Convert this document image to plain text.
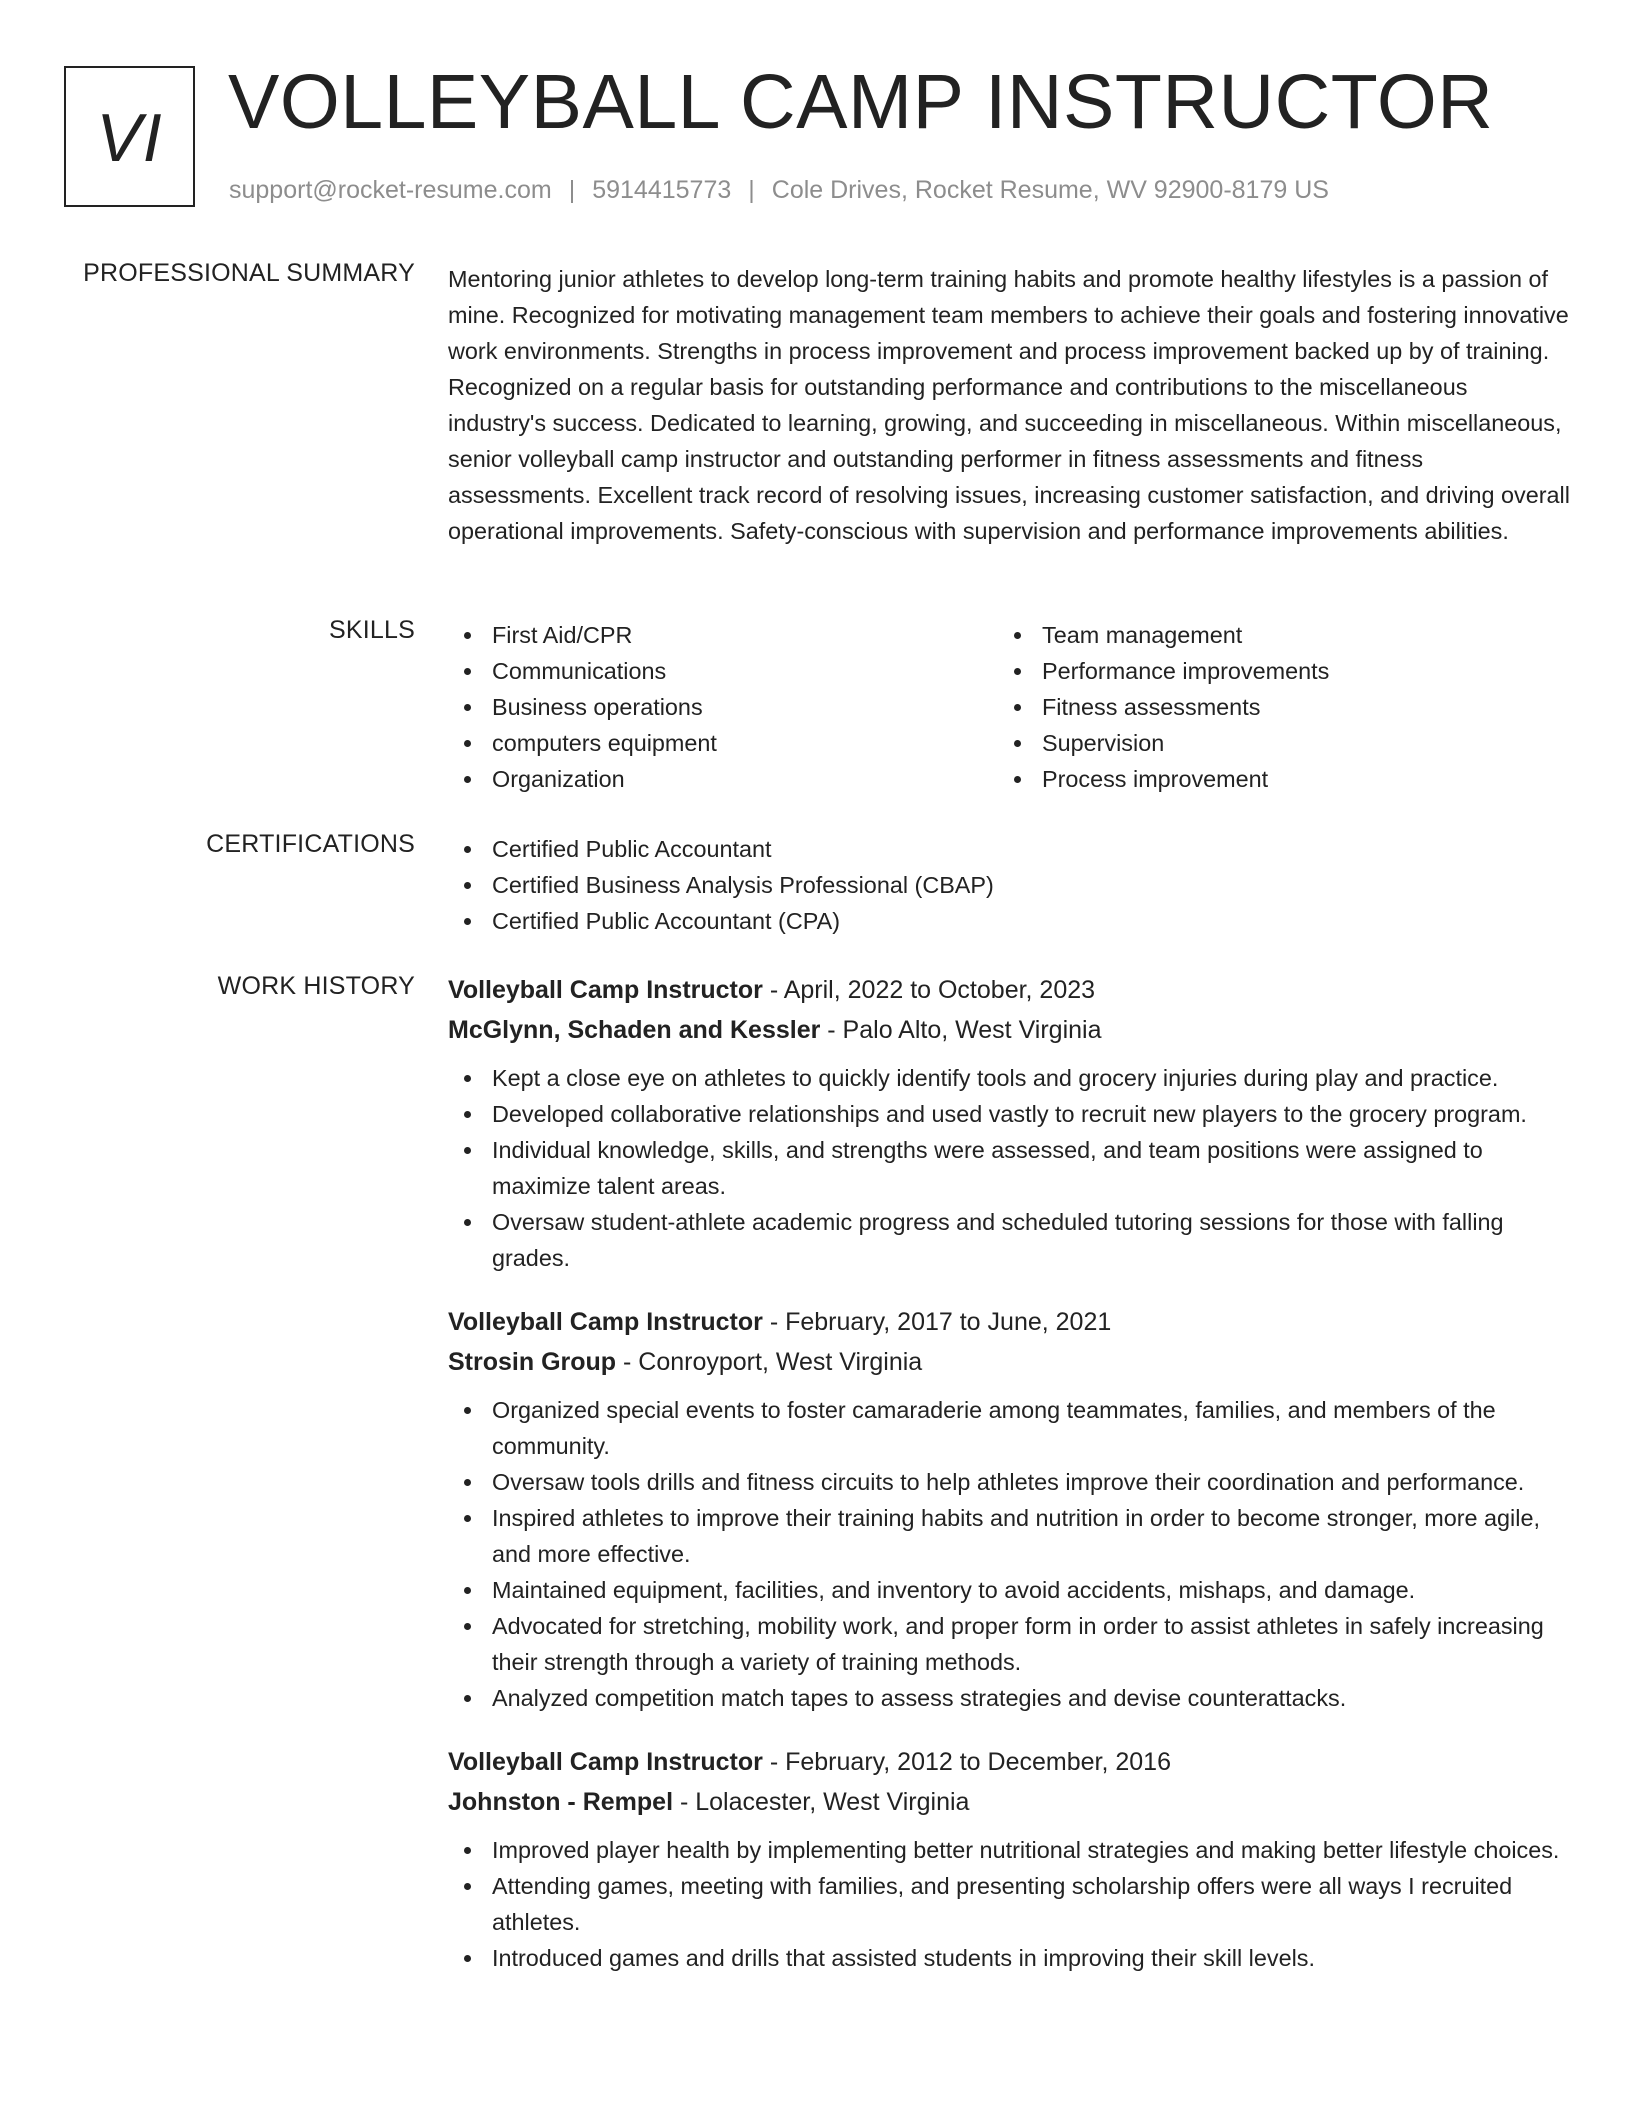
VI VOLLEYBALL CAMP INSTRUCTOR
support@rocket-resume.com | 5914415773 | Cole Drives, Rocket Resume, WV 92900-8179 US
PROFESSIONAL SUMMARY Mentoring junior athletes to develop long-term training habits and promote healthy lifestyles is a passion of mine. Recognized for motivating management team members to achieve their goals and fostering innovative work environments. Strengths in process improvement and process improvement backed up by of training. Recognized on a regular basis for outstanding performance and contributions to the miscellaneous industry's success. Dedicated to learning, growing, and succeeding in miscellaneous. Within miscellaneous, senior volleyball camp instructor and outstanding performer in fitness assessments and fitness assessments. Excellent track record of resolving issues, increasing customer satisfaction, and driving overall operational improvements. Safety-conscious with supervision and performance improvements abilities.

SKILLS	First Aid/CPR
Communications
Business operations
computers equipment
Organization
Team management
Performance improvements
Fitness assessments
Supervision
Process improvement
CERTIFICATIONS	Certified Public Accountant
Certified Business Analysis Professional (CBAP)
Certified Public Accountant (CPA)
WORK HISTORY Volleyball Camp Instructor - April, 2022 to October, 2023
McGlynn, Schaden and Kessler - Palo Alto, West Virginia
Kept a close eye on athletes to quickly identify tools and grocery injuries during play and practice.
Developed collaborative relationships and used vastly to recruit new players to the grocery program.
Individual knowledge, skills, and strengths were assessed, and team positions were assigned to maximize talent areas.
Oversaw student-athlete academic progress and scheduled tutoring sessions for those with falling grades.
Volleyball Camp Instructor - February, 2017 to June, 2021
Strosin Group - Conroyport, West Virginia
Organized special events to foster camaraderie among teammates, families, and members of the community.
Oversaw tools drills and fitness circuits to help athletes improve their coordination and performance.
Inspired athletes to improve their training habits and nutrition in order to become stronger, more agile, and more effective.
Maintained equipment, facilities, and inventory to avoid accidents, mishaps, and damage.
Advocated for stretching, mobility work, and proper form in order to assist athletes in safely increasing their strength through a variety of training methods.
Analyzed competition match tapes to assess strategies and devise counterattacks.
Volleyball Camp Instructor - February, 2012 to December, 2016
Johnston - Rempel - Lolacester, West Virginia
Improved player health by implementing better nutritional strategies and making better lifestyle choices.
Attending games, meeting with families, and presenting scholarship offers were all ways I recruited athletes.
Introduced games and drills that assisted students in improving their skill levels.
